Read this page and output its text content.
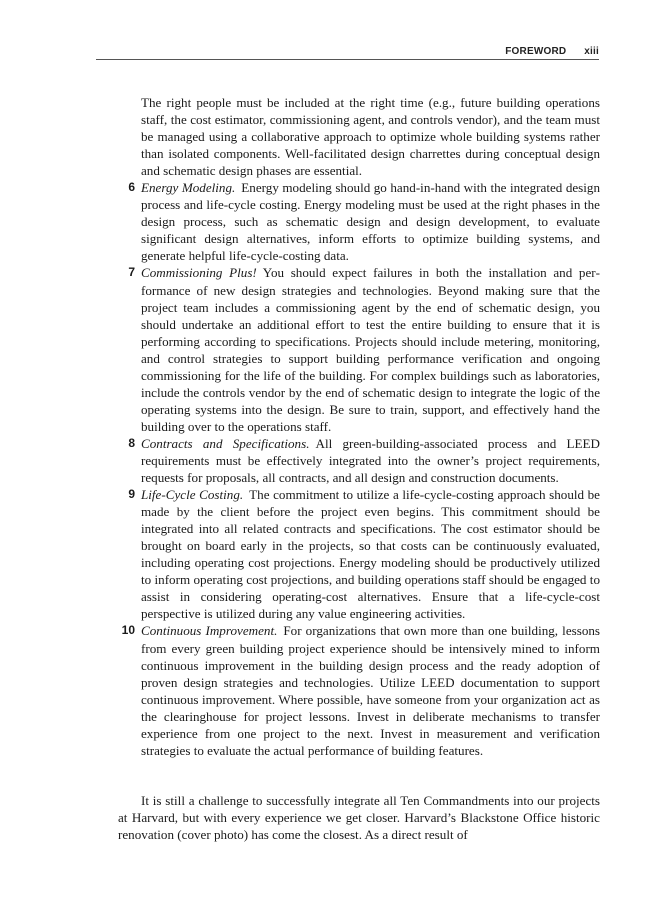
FOREWORD xiii
The right people must be included at the right time (e.g., future building operations staff, the cost estimator, commissioning agent, and controls vendor), and the team must be managed using a collaborative approach to optimize whole building systems rather than isolated components. Well-facilitated design charrettes during conceptual design and schematic design phases are essential.
6 Energy Modeling. Energy modeling should go hand-in-hand with the integrated design process and life-cycle costing. Energy modeling must be used at the right phases in the design process, such as schematic design and design development, to evaluate significant design alternatives, inform efforts to optimize building systems, and generate helpful life-cycle-costing data.
7 Commissioning Plus! You should expect failures in both the installation and performance of new design strategies and technologies. Beyond making sure that the project team includes a commissioning agent by the end of schematic design, you should undertake an additional effort to test the entire building to ensure that it is performing according to specifications. Projects should include metering, monitoring, and control strategies to support building performance verification and ongoing commissioning for the life of the building. For complex buildings such as laboratories, include the controls vendor by the end of schematic design to integrate the logic of the operating systems into the design. Be sure to train, support, and effectively hand the building over to the operations staff.
8 Contracts and Specifications. All green-building-associated process and LEED requirements must be effectively integrated into the owner’s project requirements, requests for proposals, all contracts, and all design and construction documents.
9 Life-Cycle Costing. The commitment to utilize a life-cycle-costing approach should be made by the client before the project even begins. This commitment should be integrated into all related contracts and specifications. The cost estimator should be brought on board early in the projects, so that costs can be continuously evaluated, including operating cost projections. Energy modeling should be productively utilized to inform operating cost projections, and building operations staff should be engaged to assist in considering operating-cost alternatives. Ensure that a life-cycle-cost perspective is utilized during any value engineering activities.
10 Continuous Improvement. For organizations that own more than one building, lessons from every green building project experience should be intensively mined to inform continuous improvement in the building design process and the ready adoption of proven design strategies and technologies. Utilize LEED documentation to support continuous improvement. Where possible, have someone from your organization act as the clearinghouse for project lessons. Invest in deliberate mechanisms to transfer experience from one project to the next. Invest in measurement and verification strategies to evaluate the actual performance of building features.

It is still a challenge to successfully integrate all Ten Commandments into our projects at Harvard, but with every experience we get closer. Harvard’s Blackstone Office historic renovation (cover photo) has come the closest. As a direct result of
